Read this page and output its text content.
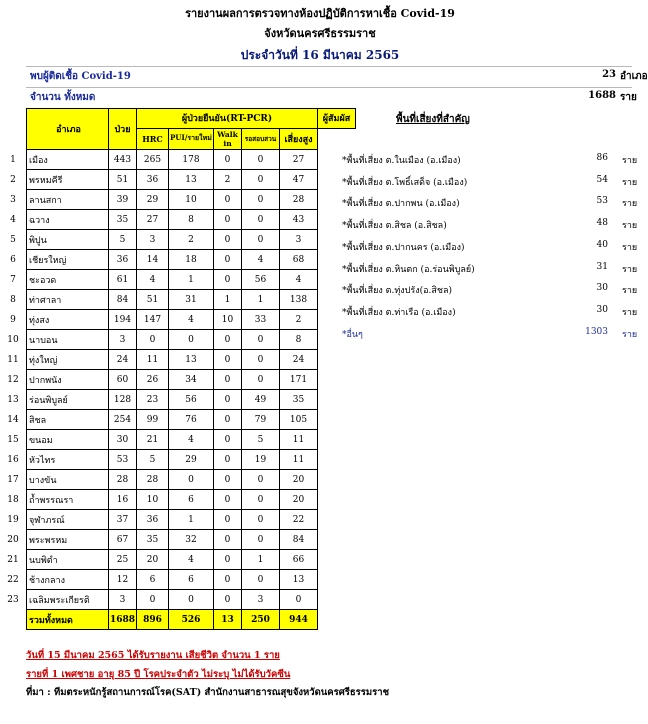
รายงานผลการตรวจทางห้องปฏิบัติการหาเชื้อ Covid-19
จังหวัดนครศรีธรรมราช
ประจำวันที่ 16 มีนาคม 2565
พบผู้ติดเชื้อ Covid-19	23 อำเภอ
จำนวน ทั้งหมด	1688 ราย
	อำเภอ	ป่วย	ผู้ป่วยยืนยัน(RT-PCR)					ผู้สัมผัส
			HRC	PUI/รายใหม่	Walk in	รอสอบสวน	เสี่ยงสูง	
1	เมือง	443	265	178	0	0	27	
2	พรหมคีรี	51	36	13	2	0	47	
3	ลานสกา	39	29	10	0	0	28	
4	ฉวาง	35	27	8	0	0	43	
5	พิปูน	5	3	2	0	0	3	
6	เชียรใหญ่	36	14	18	0	4	68	
7	ชะอวด	61	4	1	0	56	4	
8	ท่าศาลา	84	51	31	1	1	138	
9	ทุ่งสง	194	147	4	10	33	2	
10	นาบอน	3	0	0	0	0	8	
11	ทุ่งใหญ่	24	11	13	0	0	24	
12	ปากพนัง	60	26	34	0	0	171	
13	ร่อนพิบูลย์	128	23	56	0	49	35	
14	สิชล	254	99	76	0	79	105	
15	ขนอม	30	21	4	0	5	11	
16	หัวไทร	53	5	29	0	19	11	
17	บางขัน	28	28	0	0	0	20	
18	ถ้ำพรรณรา	16	10	6	0	0	20	
19	จุฬาภรณ์	37	36	1	0	0	22	
20	พระพรหม	67	35	32	0	0	84	
21	นบพิตำ	25	20	4	0	1	66	
22	ช้างกลาง	12	6	6	0	0	13	
23	เฉลิมพระเกียรติ	3	0	0	0	3	0	
	รวมทั้งหมด	1688	896	526	13	250	944	
พื้นที่เสี่ยงที่สำคัญ
*พื้นที่เสี่ยง ต.ในเมือง (อ.เมือง)	86 ราย
*พื้นที่เสี่ยง ต.โพธิ์เสด็จ (อ.เมือง)	54 ราย
*พื้นที่เสี่ยง ต.ปากพน (อ.เมือง)	53 ราย
*พื้นที่เสี่ยง ต.สิชล (อ.สิชล)	48 ราย
*พื้นที่เสี่ยง ต.ปากนคร (อ.เมือง)	40 ราย
*พื้นที่เสี่ยง ต.หินตก (อ.ร่อนพิบูลย์)	31 ราย
*พื้นที่เสี่ยง ต.ทุ่งปรัง(อ.สิชล)	30 ราย
*พื้นที่เสี่ยง ต.ท่าเรือ (อ.เมือง)	30 ราย
*อื่นๆ	1303 ราย
วันที่ 15 มีนาคม 2565 ได้รับรายงาน เสียชีวิต จำนวน 1 ราย
รายที่ 1 เพศชาย อายุ 85 ปี โรคประจำตัว ไม่ระบุ ไม่ได้รับวัคซีน
ที่มา : ทีมตระหนักรู้สถานการณ์โรค(SAT) สำนักงานสาธารณสุขจังหวัดนครศรีธรรมราช
